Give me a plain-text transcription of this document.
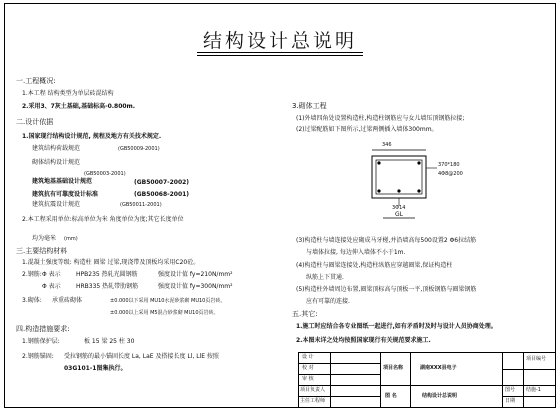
结构设计总说明
一.工程概况:
1.本工程 结构类型为单层砖混结构
2.采用3、7灰土基础,基础标高-0.800m.
二.设计依据
1.国家现行结构设计规范, 规程及地方有关技术规定.
建筑结构荷载规范	(GB50009-2001)
砌体结构设计规范
(GB50003-2001)
建筑地基基础设计规范	(GB50007-2002)
建筑抗有可靠度设计标准	(GB50068-2001)
建筑抗震设计规范	(GB50011-2001)
2.本工程采用单位:标高单位为米 角度单位为度;其它长度单位
均为毫米 (mm)
三.主要结构材料
1.混凝土强度等级: 构造柱 圈梁 过梁,现浇带及顶板均采用C20砼。
2.钢筋: Φ 表示	HPB235 热轧光圆钢筋	强度设计值 fy=210N/mm²
Φ 表示	HRB335 热轧带肋钢筋	强度设计值 fy=300N/mm²
3.砌体: 承重砖砌体	±0.000以下采用 MU10水泥砂浆砌 MU10页岩砖。
±0.000以上采用 M5混合砂浆砌 MU10页岩砖。
四.构造措施要求:
1.钢筋保护层:	板 15 梁 25 柱 30
2.钢筋锚固: 受拉钢筋的最小锚固长度 La, LaE 及搭接长度 Ll, LlE 按照
03G101-1图集执行。
3.砌体工程
(1)外墙四角处设置构造柱,构造柱钢筋应与女儿墙压顶钢筋拉接;
(2)过梁配筋如下图所示,过梁两侧插入墙体300mm。
346
370*180
4Φ8@200
3Φ14
GL
(3)构造柱与墙连接处应砌成马牙槎,并沿墙高每500设置2 Φ6拉结筋
与墙体拉接, 每边伸入墙体不小于1m.
(4)构造柱与圈梁连接处,构造柱纵筋应穿越圈梁,保证构造柱
纵筋上下贯通.
(5)构造柱外墙周边布置,圈梁顶标高与顶板一平,顶板钢筋与圈梁钢筋
应有可靠的连接.
五.其它:
1.施工时应结合各专业图纸一起进行,如有矛盾时及时与设计人员协商处理。
2.本图未详之处均按照国家现行有关规范要求施工.
设 计
校 对
审 核
项目负责人
主任工程师
项目名称	湖南XXX县电子
图 名	结构设计总说明
项目编号
图号 结施-1
日期
